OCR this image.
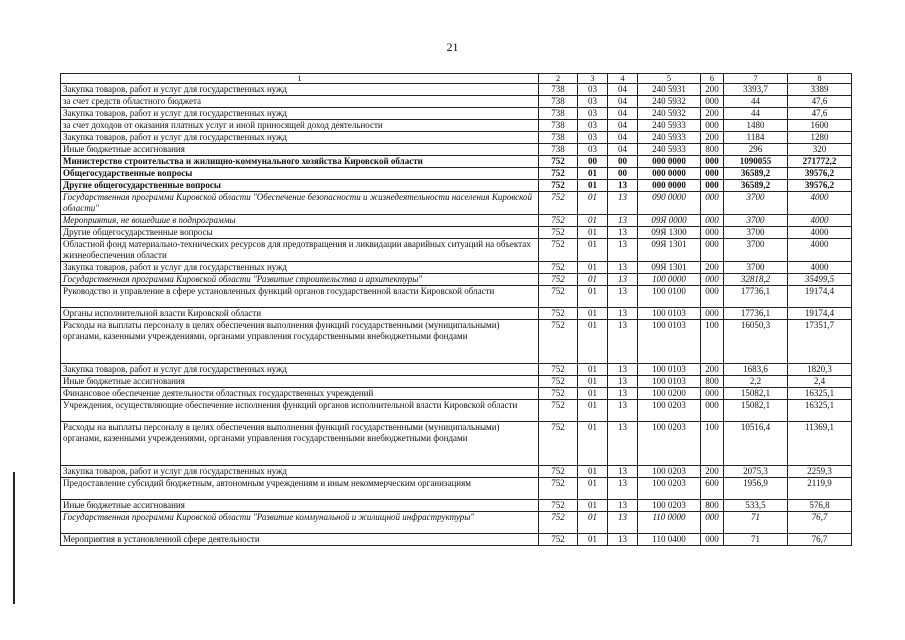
21
1	2	3	4	5	6	7	8
Закупка товаров, работ и услуг для государственных нужд	738	03	04	240 5931	200	3393,7	3389
за счет средств областного бюджета	738	03	04	240 5932	000	44	47,6
Закупка товаров, работ и услуг для государственных нужд	738	03	04	240 5932	200	44	47,6
за счет доходов от оказания платных услуг и иной приносящей доход деятельности	738	03	04	240 5933	000	1480	1600
Закупка товаров, работ и услуг для государственных нужд	738	03	04	240 5933	200	1184	1280
Иные бюджетные ассигнования	738	03	04	240 5933	800	296	320
Министерство строительства и жилищно-коммунального хозяйства Кировской области	752	00	00	000 0000	000	1090055	271772,2
Общегосударственные вопросы	752	01	00	000 0000	000	36589,2	39576,2
Другие общегосударственные вопросы	752	01	13	000 0000	000	36589,2	39576,2
Государственная программа Кировской области "Обеспечение безопасности и жизнедеятельности населения Кировской области"	752	01	13	090 0000	000	3700	4000
Мероприятия, не вошедшие в подпрограммы	752	01	13	09Я 0000	000	3700	4000
Другие общегосударственные вопросы	752	01	13	09Я 1300	000	3700	4000
Областной фонд материально-технических ресурсов для предотвращения и ликвидации аварийных ситуаций на объектах жизнеобеспечения области	752	01	13	09Я 1301	000	3700	4000
Закупка товаров, работ и услуг для государственных нужд	752	01	13	09Я 1301	200	3700	4000
Государственная программа Кировской области "Развитие строительства и архитектуры"	752	01	13	100 0000	000	32818,2	35499,5
Руководство и управление в сфере установленных функций органов государственной власти Кировской области	752	01	13	100 0100	000	17736,1	19174,4
Органы исполнительной власти Кировской области	752	01	13	100 0103	000	17736,1	19174,4
Расходы на выплаты персоналу в целях обеспечения выполнения функций государственными (муниципальными) органами, казенными учреждениями, органами управления государственными внебюджетными фондами	752	01	13	100 0103	100	16050,3	17351,7
Закупка товаров, работ и услуг для государственных нужд	752	01	13	100 0103	200	1683,6	1820,3
Иные бюджетные ассигнования	752	01	13	100 0103	800	2,2	2,4
Финансовое обеспечение деятельности областных государственных учреждений	752	01	13	100 0200	000	15082,1	16325,1
Учреждения, осуществляющие обеспечение исполнения функций органов исполнительной власти Кировской области	752	01	13	100 0203	000	15082,1	16325,1
Расходы на выплаты персоналу в целях обеспечения выполнения функций государственными (муниципальными) органами, казенными учреждениями, органами управления государственными внебюджетными фондами	752	01	13	100 0203	100	10516,4	11369,1
Закупка товаров, работ и услуг для государственных нужд	752	01	13	100 0203	200	2075,3	2259,3
Предоставление субсидий бюджетным, автономным учреждениям и иным некоммерческим организациям	752	01	13	100 0203	600	1956,9	2119,9
Иные бюджетные ассигнования	752	01	13	100 0203	800	533,5	576,8
Государственная программа Кировской области "Развитие коммунальной и жилищной инфраструктуры"	752	01	13	110 0000	000	71	76,7
Мероприятия в установленной сфере деятельности	752	01	13	110 0400	000	71	76,7
